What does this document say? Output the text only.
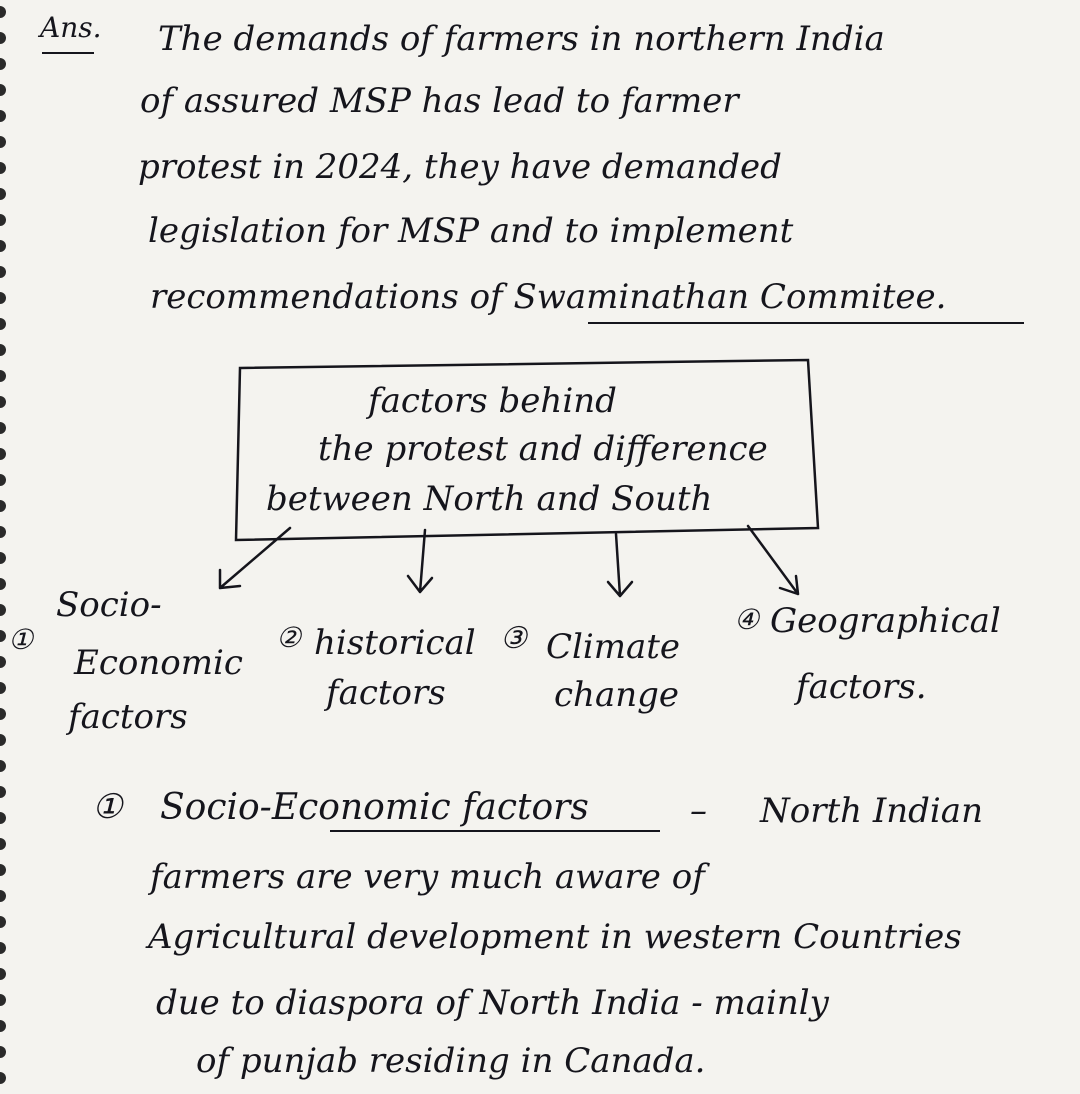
Ans. The demands of farmers in northern India
of assured MSP has lead to farmer
protest in 2024, they have demanded
legislation for MSP and to implement
recommendations of Swaminathan Commitee.
factors behind
the protest and difference
between North and South
①
Socio-
Economic
factors
② historical
factors
③ Climate
change
④ Geographical
factors.
① Socio-Economic factors	– North Indian
farmers are very much aware of
Agricultural development in western Countries
due to diaspora of North India - mainly
of punjab residing in Canada.
